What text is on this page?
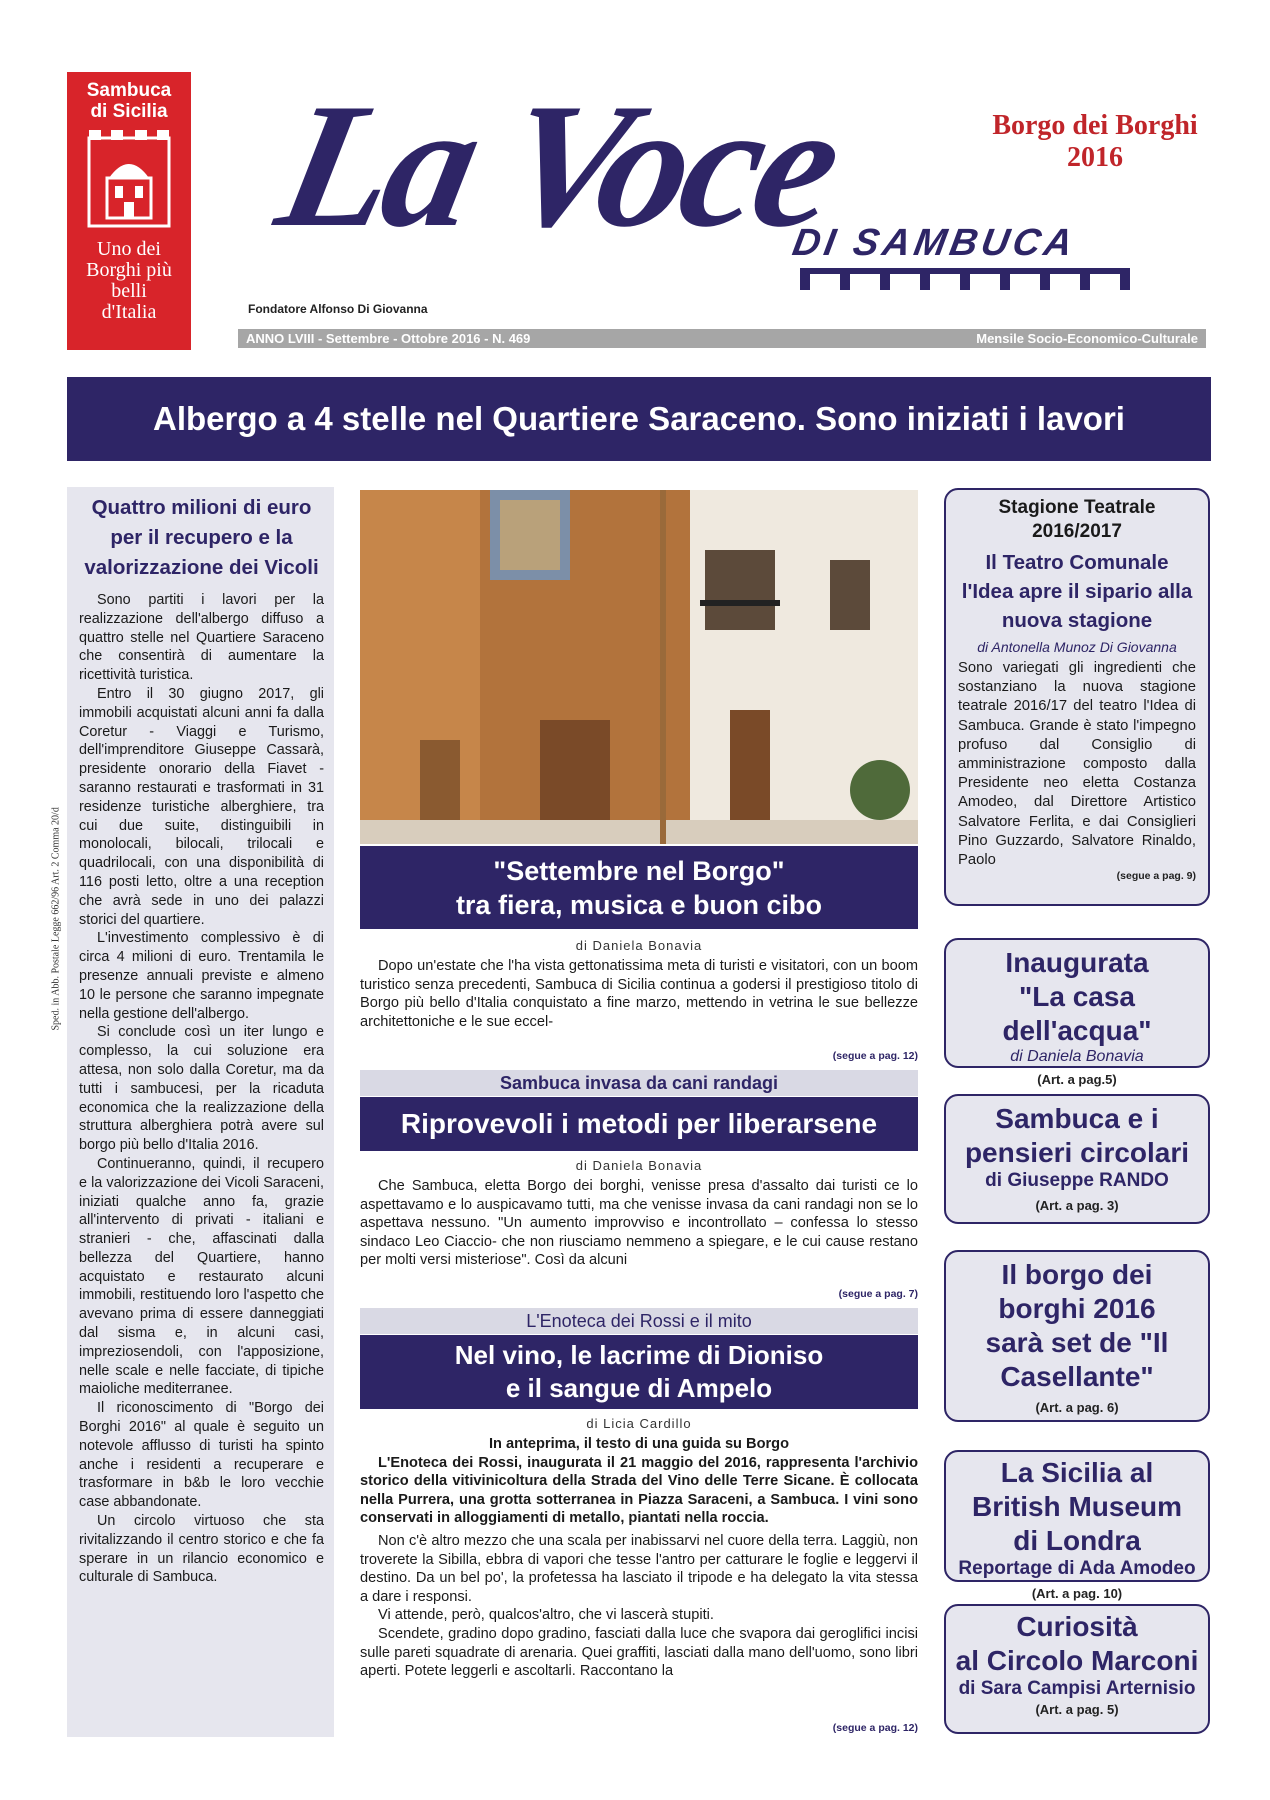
Sambuca di Sicilia
Uno dei Borghi più belli d'Italia
La Voce
DI SAMBUCA
Borgo dei Borghi
2016
Fondatore Alfonso Di Giovanna
ANNO LVIII - Settembre - Ottobre 2016 - N. 469	Mensile Socio-Economico-Culturale
Albergo a 4 stelle nel Quartiere Saraceno. Sono iniziati i lavori
Sped. in Abb. Postale Legge 662/96 Art. 2 Comma 20/d
Quattro milioni di euro per il recupero e la valorizzazione dei Vicoli

Sono partiti i lavori per la realizzazione dell'albergo diffuso a quattro stelle nel Quartiere Saraceno che consentirà di aumentare la ricettività turistica.

Entro il 30 giugno 2017, gli immobili acquistati alcuni anni fa dalla Coretur - Viaggi e Turismo, dell'imprenditore Giuseppe Cassarà, presidente onorario della Fiavet - saranno restaurati e trasformati in 31 residenze turistiche alberghiere, tra cui due suite, distinguibili in monolocali, bilocali, trilocali e quadrilocali, con una disponibilità di 116 posti letto, oltre a una reception che avrà sede in uno dei palazzi storici del quartiere.

L'investimento complessivo è di circa 4 milioni di euro. Trentamila le presenze annuali previste e almeno 10 le persone che saranno impegnate nella gestione dell'albergo.

Si conclude così un iter lungo e complesso, la cui soluzione era attesa, non solo dalla Coretur, ma da tutti i sambucesi, per la ricaduta economica che la realizzazione della struttura alberghiera potrà avere sul borgo più bello d'Italia 2016.

Continueranno, quindi, il recupero e la valorizzazione dei Vicoli Saraceni, iniziati qualche anno fa, grazie all'intervento di privati - italiani e stranieri - che, affascinati dalla bellezza del Quartiere, hanno acquistato e restaurato alcuni immobili, restituendo loro l'aspetto che avevano prima di essere danneggiati dal sisma e, in alcuni casi, impreziosendoli, con l'apposizione, nelle scale e nelle facciate, di tipiche maioliche mediterranee.

Il riconoscimento di "Borgo dei Borghi 2016" al quale è seguito un notevole afflusso di turisti ha spinto anche i residenti a recuperare e trasformare in b&b le loro vecchie case abbandonate.

Un circolo virtuoso che sta rivitalizzando il centro storico e che fa sperare in un rilancio economico e culturale di Sambuca.

"Settembre nel Borgo"
tra fiera, musica e buon cibo
di Daniela Bonavia

Dopo un'estate che l'ha vista gettonatissima meta di turisti e visitatori, con un boom turistico senza precedenti, Sambuca di Sicilia continua a godersi il prestigioso titolo di Borgo più bello d'Italia conquistato a fine marzo, mettendo in vetrina le sue bellezze architettoniche e le sue eccel-

(segue a pag. 12)
Sambuca invasa da cani randagi
Riprovevoli i metodi per liberarsene
di Daniela Bonavia

Che Sambuca, eletta Borgo dei borghi, venisse presa d'assalto dai turisti ce lo aspettavamo e lo auspicavamo tutti, ma che venisse invasa da cani randagi non se lo aspettava nessuno. "Un aumento improvviso e incontrollato – confessa lo stesso sindaco Leo Ciaccio- che non riusciamo nemmeno a spiegare, e le cui cause restano per molti versi misteriose". Così da alcuni

(segue a pag. 7)
L'Enoteca dei Rossi e il mito
Nel vino, le lacrime di Dioniso
e il sangue di Ampelo
di Licia Cardillo
In anteprima, il testo di una guida su Borgo

L'Enoteca dei Rossi, inaugurata il 21 maggio del 2016, rappresenta l'archivio storico della vitivinicoltura della Strada del Vino delle Terre Sicane. È collocata nella Purrera, una grotta sotterranea in Piazza Saraceni, a Sambuca. I vini sono conservati in alloggiamenti di metallo, piantati nella roccia.

Non c'è altro mezzo che una scala per inabissarvi nel cuore della terra. Laggiù, non troverete la Sibilla, ebbra di vapori che tesse l'antro per catturare le foglie e leggervi il destino. Da un bel po', la profetessa ha lasciato il tripode e ha delegato la vita stessa a dare i responsi.

Vi attende, però, qualcos'altro, che vi lascerà stupiti.

Scendete, gradino dopo gradino, fasciati dalla luce che svapora dai geroglifici incisi sulle pareti squadrate di arenaria. Quei graffiti, lasciati dalla mano dell'uomo, sono libri aperti. Potete leggerli e ascoltarli. Raccontano la

(segue a pag. 12)
Stagione Teatrale
2016/2017
Il Teatro Comunale l'Idea apre il sipario alla nuova stagione
di Antonella Munoz Di Giovanna
Sono variegati gli ingredienti che sostanziano la nuova stagione teatrale 2016/17 del teatro l'Idea di Sambuca. Grande è stato l'impegno profuso dal Consiglio di amministrazione composto dalla Presidente neo eletta Costanza Amodeo, dal Direttore Artistico Salvatore Ferlita, e dai Consiglieri Pino Guzzardo, Salvatore Rinaldo, Paolo
(segue a pag. 9)
Inaugurata
"La casa dell'acqua"
di Daniela Bonavia
(Art. a pag.5)
Sambuca e i pensieri circolari
di Giuseppe RANDO
(Art. a pag. 3)
Il borgo dei borghi 2016 sarà set de "Il Casellante"
(Art. a pag. 6)
La Sicilia al British Museum di Londra
Reportage di Ada Amodeo
(Art. a pag. 10)
Curiosità
al Circolo Marconi
di Sara Campisi Arternisio
(Art. a pag. 5)
